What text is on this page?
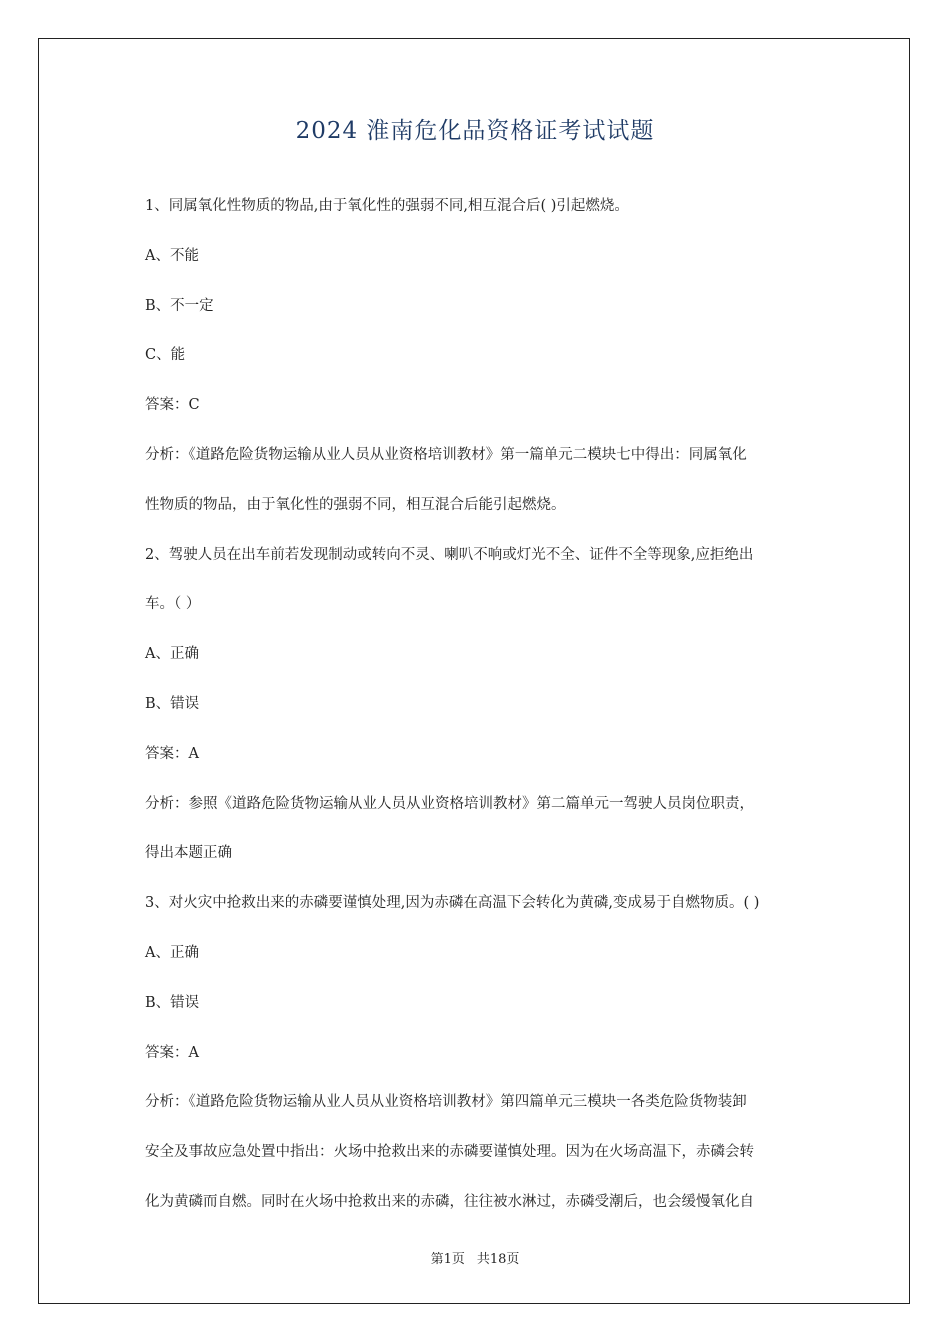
2024 淮南危化品资格证考试试题
1、同属氧化性物质的物品,由于氧化性的强弱不同,相互混合后( )引起燃烧。
A、不能
B、不一定
C、能
答案：C
分析：《道路危险货物运输从业人员从业资格培训教材》第一篇单元二模块七中得出：同属氧化
性物质的物品，由于氧化性的强弱不同，相互混合后能引起燃烧。
2、驾驶人员在出车前若发现制动或转向不灵、喇叭不响或灯光不全、证件不全等现象,应拒绝出
车。（ ）
A、正确
B、错误
答案：A
分析：参照《道路危险货物运输从业人员从业资格培训教材》第二篇单元一驾驶人员岗位职责，
得出本题正确
3、对火灾中抢救出来的赤磷要谨慎处理,因为赤磷在高温下会转化为黄磷,变成易于自燃物质。( )
A、正确
B、错误
答案：A
分析：《道路危险货物运输从业人员从业资格培训教材》第四篇单元三模块一各类危险货物装卸
安全及事故应急处置中指出：火场中抢救出来的赤磷要谨慎处理。因为在火场高温下，赤磷会转
化为黄磷而自燃。同时在火场中抢救出来的赤磷，往往被水淋过，赤磷受潮后，也会缓慢氧化自
第1页 共18页
